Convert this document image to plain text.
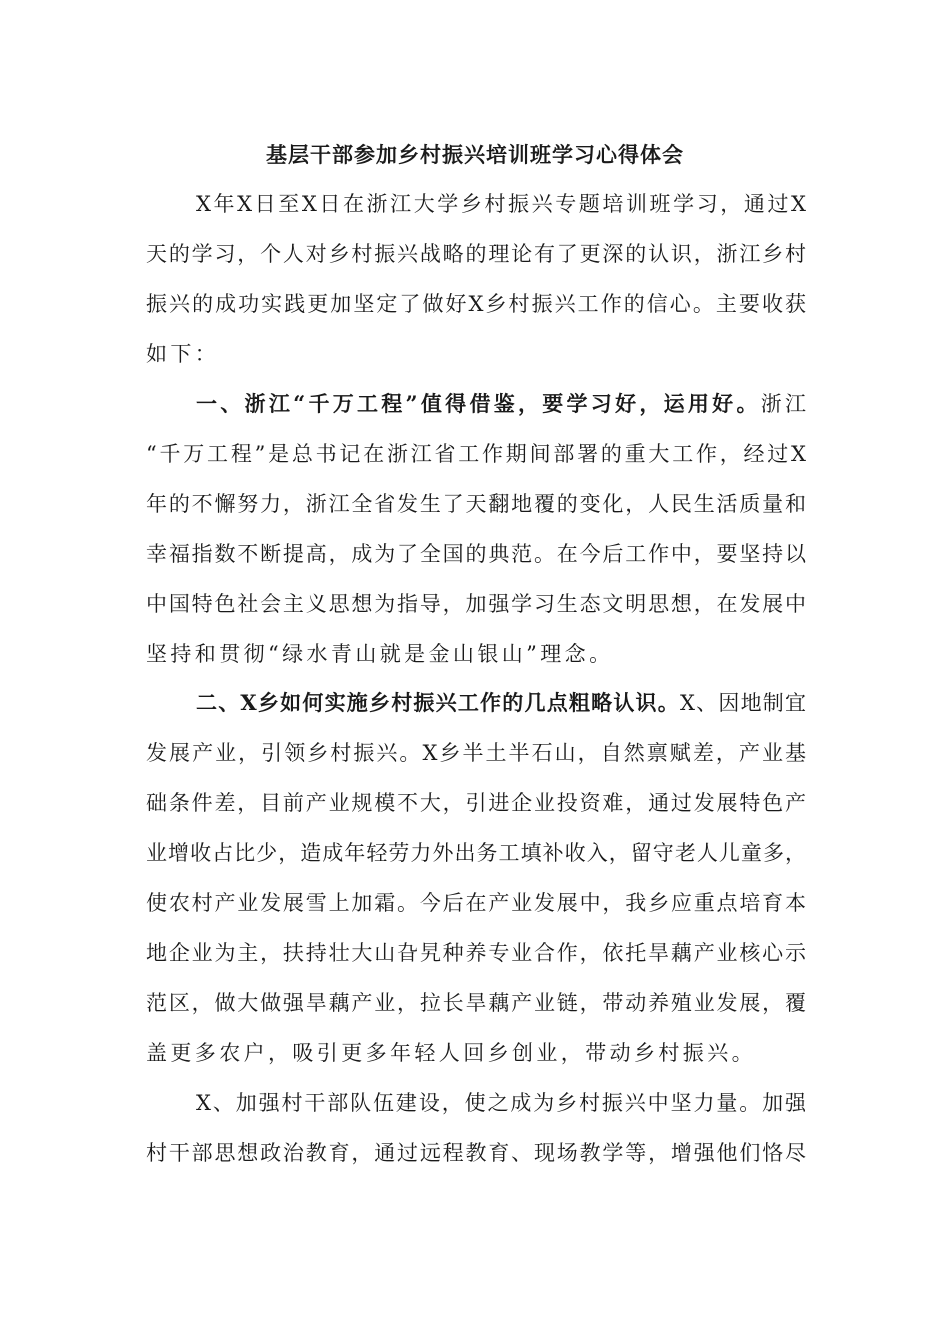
基层干部参加乡村振兴培训班学习心得体会
X年X日至X日在浙江大学乡村振兴专题培训班学习，通过X
天的学习，个人对乡村振兴战略的理论有了更深的认识，浙江乡村
振兴的成功实践更加坚定了做好X乡村振兴工作的信心。主要收获
如下：
一、浙江“千万工程”值得借鉴，要学习好，运用好。浙江
“千万工程”是总书记在浙江省工作期间部署的重大工作，经过X
年的不懈努力，浙江全省发生了天翻地覆的变化，人民生活质量和
幸福指数不断提高，成为了全国的典范。在今后工作中，要坚持以
中国特色社会主义思想为指导，加强学习生态文明思想，在发展中
坚持和贯彻“绿水青山就是金山银山”理念。
二、X乡如何实施乡村振兴工作的几点粗略认识。X、因地制宜
发展产业，引领乡村振兴。X乡半土半石山，自然禀赋差，产业基
础条件差，目前产业规模不大，引进企业投资难，通过发展特色产
业增收占比少，造成年轻劳力外出务工填补收入，留守老人儿童多，
使农村产业发展雪上加霜。今后在产业发展中，我乡应重点培育本
地企业为主，扶持壮大山旮旯种养专业合作，依托旱藕产业核心示
范区，做大做强旱藕产业，拉长旱藕产业链，带动养殖业发展，覆
盖更多农户，吸引更多年轻人回乡创业，带动乡村振兴。
X、加强村干部队伍建设，使之成为乡村振兴中坚力量。加强
村干部思想政治教育，通过远程教育、现场教学等，增强他们恪尽
